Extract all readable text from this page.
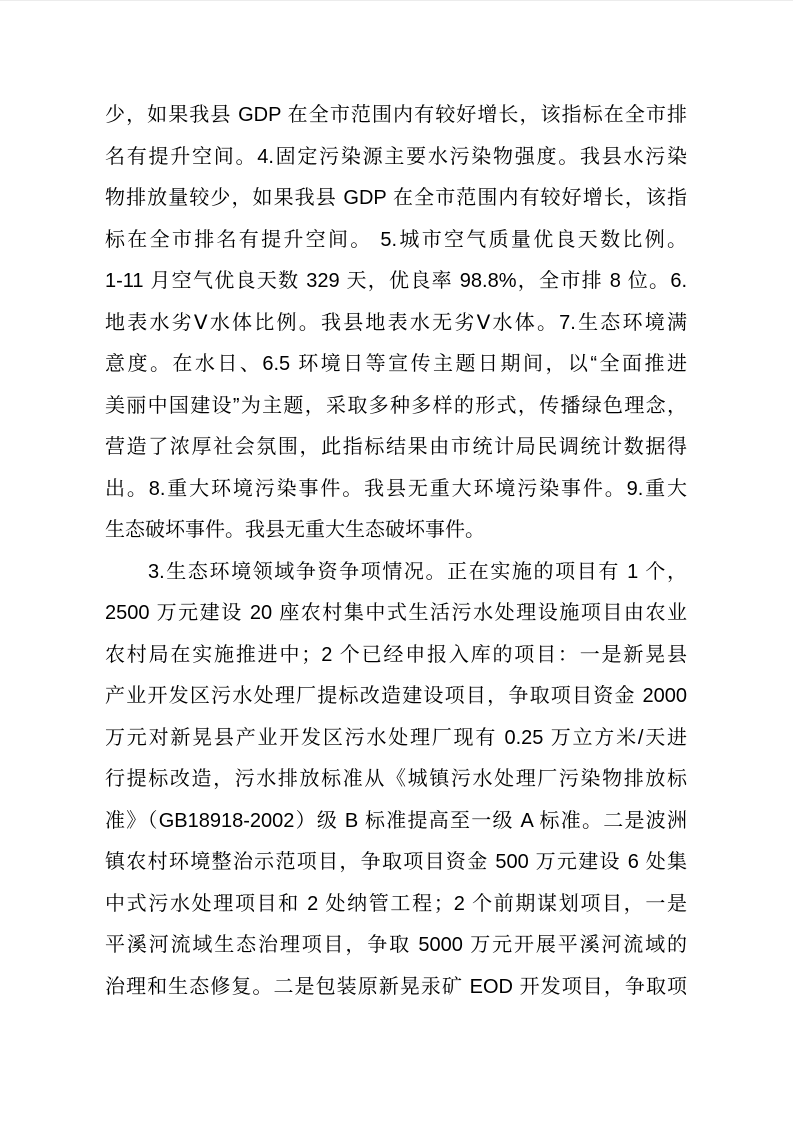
少，如果我县 GDP 在全市范围内有较好增长，该指标在全市排
名有提升空间。4.固定污染源主要水污染物强度。我县水污染
物排放量较少，如果我县 GDP 在全市范围内有较好增长，该指
标在全市排名有提升空间。 5.城市空气质量优良天数比例。
1-11 月空气优良天数 329 天，优良率 98.8%，全市排 8 位。6.
地表水劣Ⅴ水体比例。我县地表水无劣Ⅴ水体。7.生态环境满
意度。在水日、6.5 环境日等宣传主题日期间，以“全面推进
美丽中国建设”为主题，采取多种多样的形式，传播绿色理念，
营造了浓厚社会氛围，此指标结果由市统计局民调统计数据得
出。8.重大环境污染事件。我县无重大环境污染事件。9.重大
生态破坏事件。我县无重大生态破坏事件。
3.生态环境领域争资争项情况。正在实施的项目有 1 个，
2500 万元建设 20 座农村集中式生活污水处理设施项目由农业
农村局在实施推进中；2 个已经申报入库的项目：一是新晃县
产业开发区污水处理厂提标改造建设项目，争取项目资金 2000
万元对新晃县产业开发区污水处理厂现有 0.25 万立方米/天进
行提标改造，污水排放标准从《城镇污水处理厂污染物排放标
准》（GB18918-2002）级 B 标准提高至一级 A 标准。二是波洲
镇农村环境整治示范项目，争取项目资金 500 万元建设 6 处集
中式污水处理项目和 2 处纳管工程；2 个前期谋划项目，一是
平溪河流域生态治理项目，争取 5000 万元开展平溪河流域的
治理和生态修复。二是包装原新晃汞矿 EOD 开发项目，争取项
